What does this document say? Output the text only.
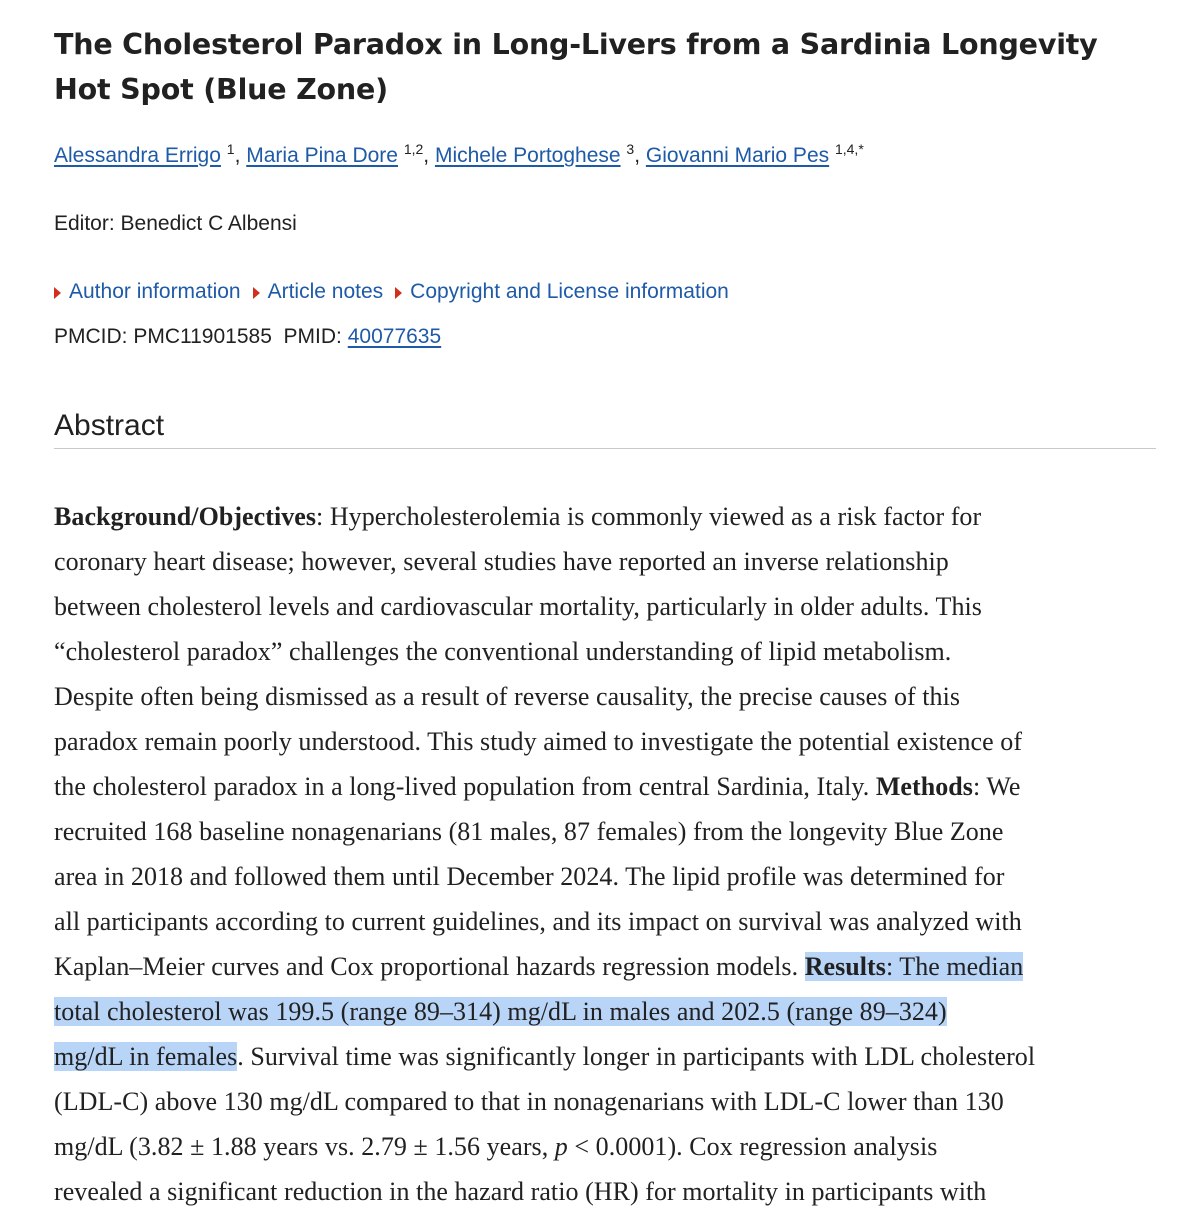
The Cholesterol Paradox in Long-Livers from a Sardinia Longevity Hot Spot (Blue Zone)
Alessandra Errigo $^1$, Maria Pina Dore $^{1,2}$, Michele Portoghese $^3$, Giovanni Mario Pes $^{1,4,*}$
Editor: Benedict C Albensi
Author information Article notes Copyright and License information
PMCID: PMC11901585 PMID: 40077635
Abstract

Background/Objectives: Hypercholesterolemia is commonly viewed as a risk factor for
coronary heart disease; however, several studies have reported an inverse relationship
between cholesterol levels and cardiovascular mortality, particularly in older adults. This
“cholesterol paradox” challenges the conventional understanding of lipid metabolism.
Despite often being dismissed as a result of reverse causality, the precise causes of this
paradox remain poorly understood. This study aimed to investigate the potential existence of
the cholesterol paradox in a long-lived population from central Sardinia, Italy. Methods: We
recruited 168 baseline nonagenarians (81 males, 87 females) from the longevity Blue Zone
area in 2018 and followed them until December 2024. The lipid profile was determined for
all participants according to current guidelines, and its impact on survival was analyzed with
Kaplan–Meier curves and Cox proportional hazards regression models. Results: The median
total cholesterol was 199.5 (range 89–314) mg/dL in males and 202.5 (range 89–324)
mg/dL in females. Survival time was significantly longer in participants with LDL cholesterol
(LDL-C) above 130 mg/dL compared to that in nonagenarians with LDL-C lower than 130
mg/dL (3.82 ± 1.88 years vs. 2.79 ± 1.56 years, p < 0.0001). Cox regression analysis
revealed a significant reduction in the hazard ratio (HR) for mortality in participants with
